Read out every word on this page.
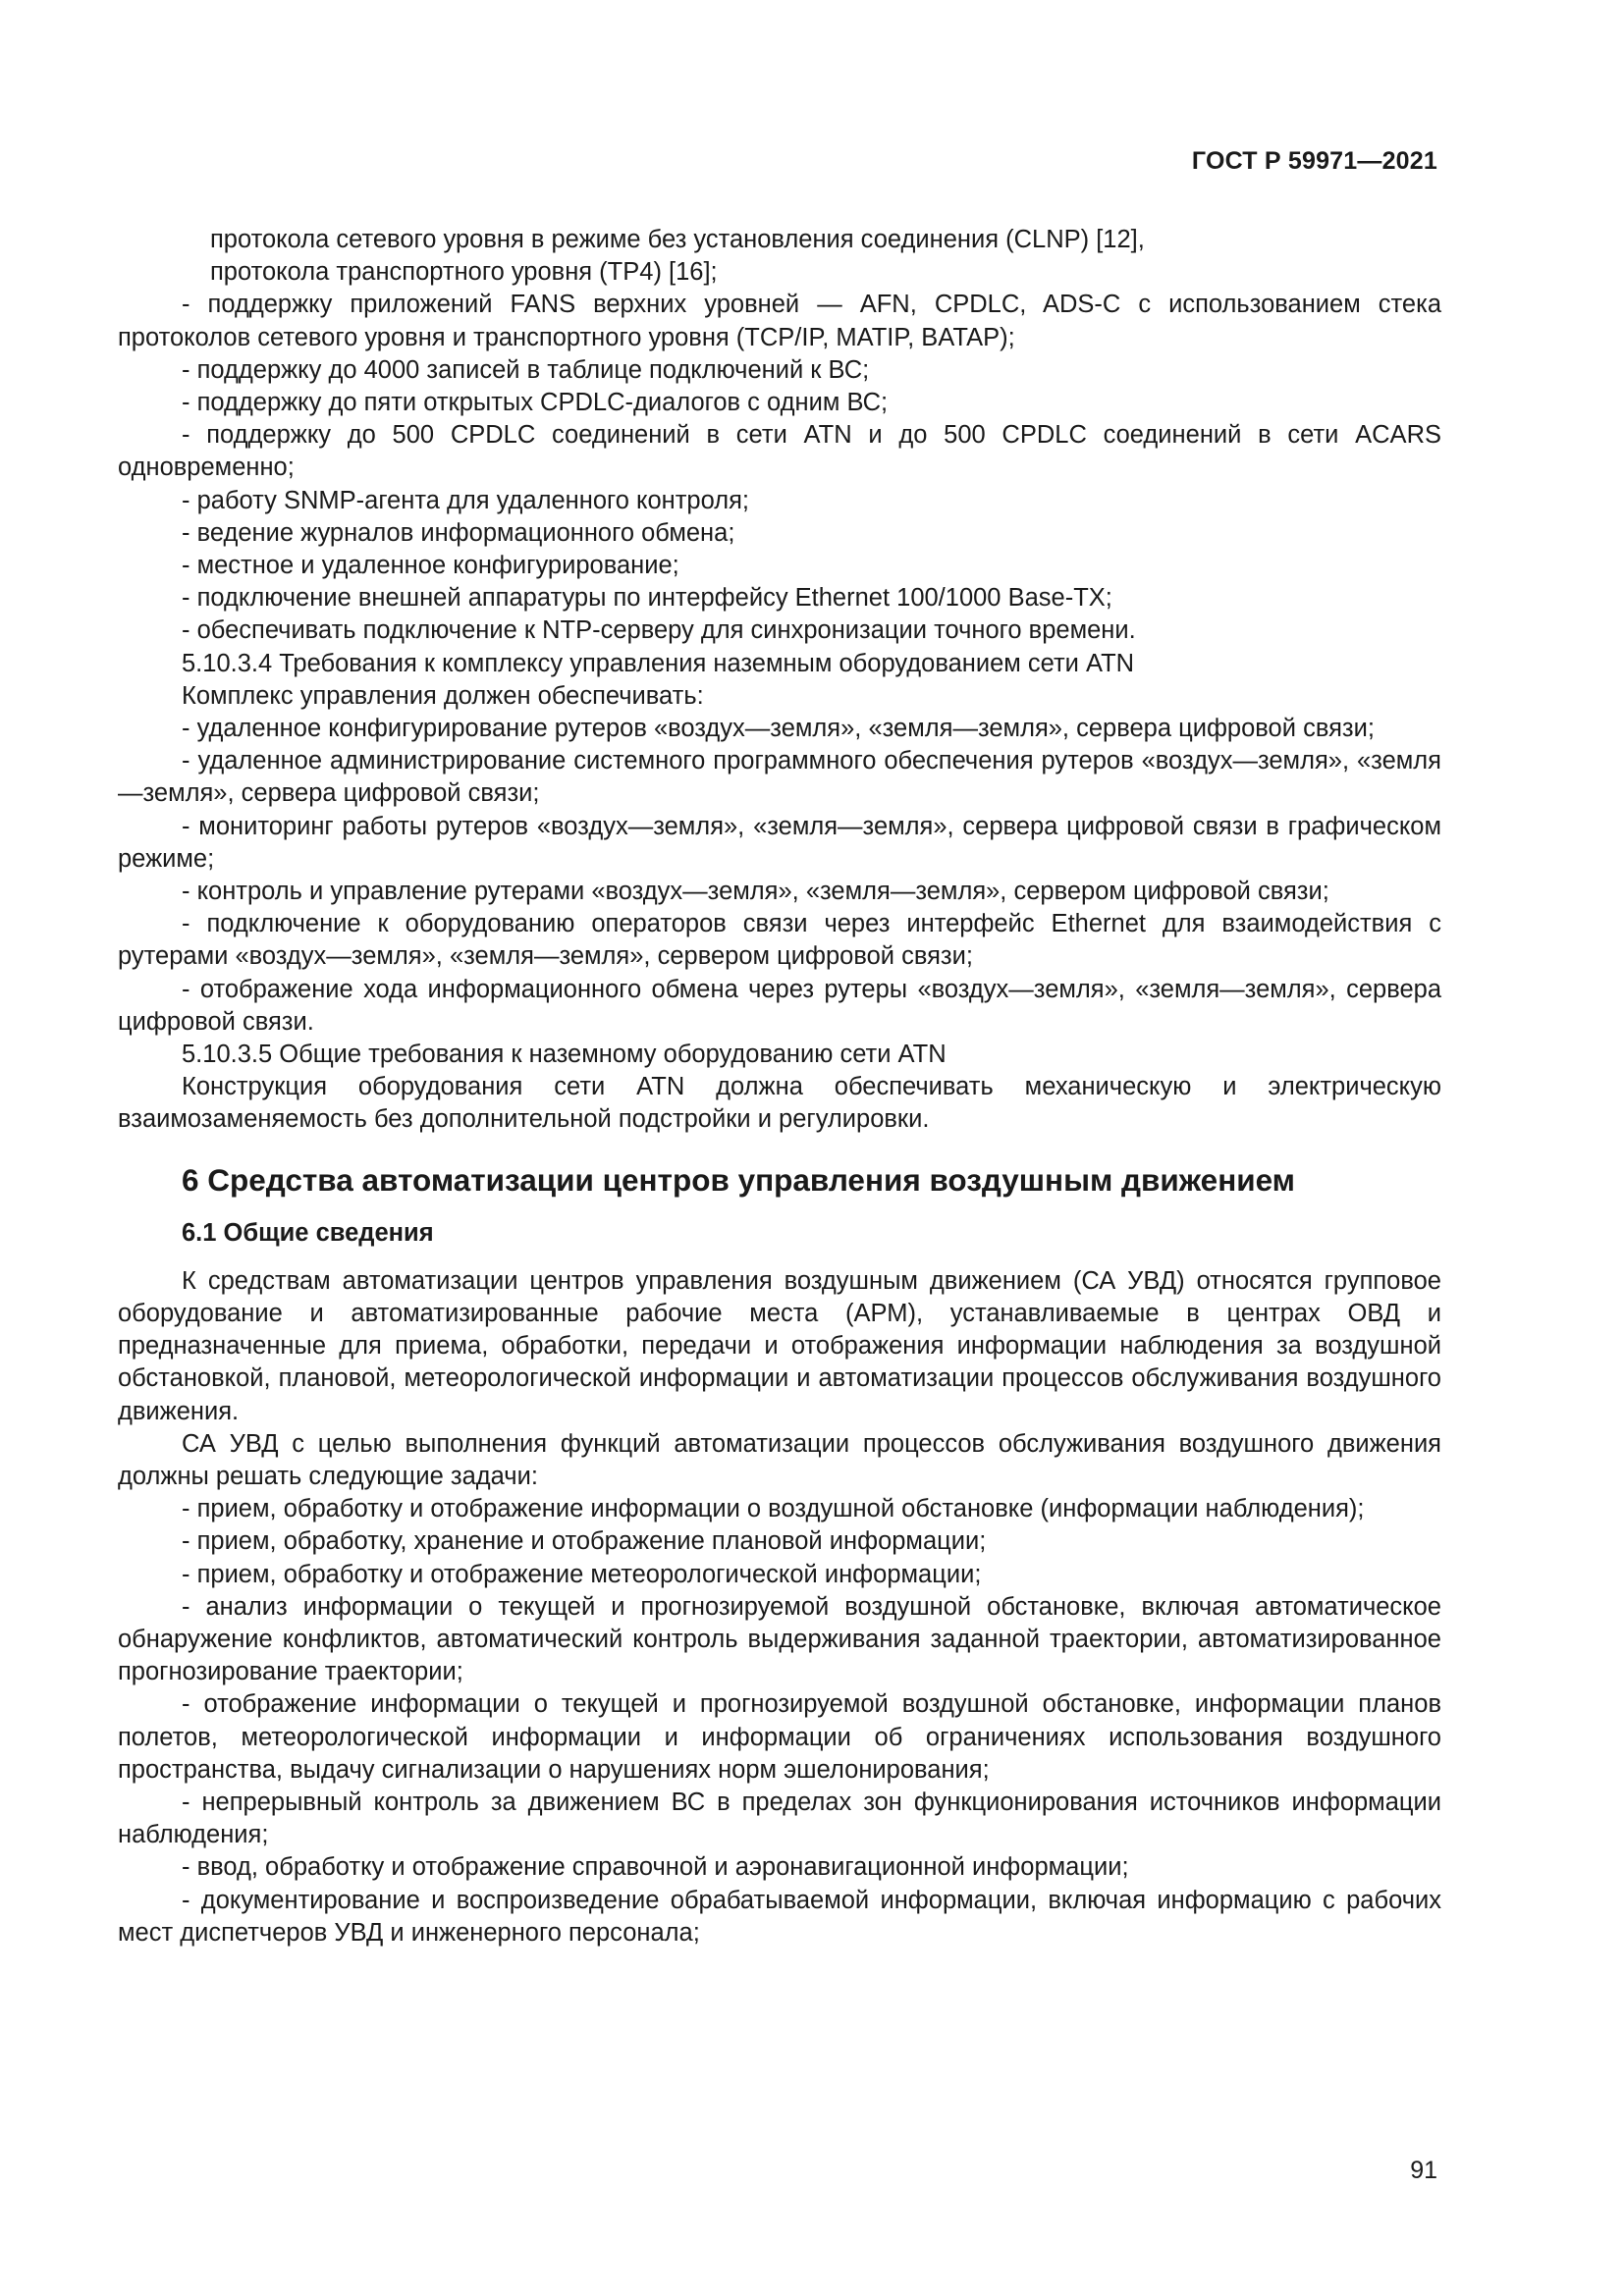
ГОСТ Р 59971—2021

протокола сетевого уровня в режиме без установления соединения (CLNP) [12],

протокола транспортного уровня (TP4) [16];

- поддержку приложений FANS верхних уровней — AFN, CPDLC, ADS-C с использованием стека протоколов сетевого уровня и транспортного уровня (TCP/IP, MATIP, BATAP);

- поддержку до 4000 записей в таблице подключений к ВС;

- поддержку до пяти открытых CPDLC-диалогов с одним ВС;

- поддержку до 500 CPDLC соединений в сети ATN и до 500 CPDLC соединений в сети ACARS одновременно;

- работу SNMP-агента для удаленного контроля;

- ведение журналов информационного обмена;

- местное и удаленное конфигурирование;

- подключение внешней аппаратуры по интерфейсу Ethernet 100/1000 Base-TX;

- обеспечивать подключение к NTP-серверу для синхронизации точного времени.

5.10.3.4 Требования к комплексу управления наземным оборудованием сети ATN

Комплекс управления должен обеспечивать:

- удаленное конфигурирование рутеров «воздух—земля», «земля—земля», сервера цифровой связи;

- удаленное администрирование системного программного обеспечения рутеров «воздух—земля», «земля—земля», сервера цифровой связи;

- мониторинг работы рутеров «воздух—земля», «земля—земля», сервера цифровой связи в графическом режиме;

- контроль и управление рутерами «воздух—земля», «земля—земля», сервером цифровой связи;

- подключение к оборудованию операторов связи через интерфейс Ethernet для взаимодействия с рутерами «воздух—земля», «земля—земля», сервером цифровой связи;

- отображение хода информационного обмена через рутеры «воздух—земля», «земля—земля», сервера цифровой связи.

5.10.3.5 Общие требования к наземному оборудованию сети ATN

Конструкция оборудования сети ATN должна обеспечивать механическую и электрическую взаимозаменяемость без дополнительной подстройки и регулировки.

6 Средства автоматизации центров управления воздушным движением
6.1 Общие сведения

К средствам автоматизации центров управления воздушным движением (СА УВД) относятся групповое оборудование и автоматизированные рабочие места (АРМ), устанавливаемые в центрах ОВД и предназначенные для приема, обработки, передачи и отображения информации наблюдения за воздушной обстановкой, плановой, метеорологической информации и автоматизации процессов обслуживания воздушного движения.

СА УВД с целью выполнения функций автоматизации процессов обслуживания воздушного движения должны решать следующие задачи:

- прием, обработку и отображение информации о воздушной обстановке (информации наблюдения);

- прием, обработку, хранение и отображение плановой информации;

- прием, обработку и отображение метеорологической информации;

- анализ информации о текущей и прогнозируемой воздушной обстановке, включая автоматическое обнаружение конфликтов, автоматический контроль выдерживания заданной траектории, автоматизированное прогнозирование траектории;

- отображение информации о текущей и прогнозируемой воздушной обстановке, информации планов полетов, метеорологической информации и информации об ограничениях использования воздушного пространства, выдачу сигнализации о нарушениях норм эшелонирования;

- непрерывный контроль за движением ВС в пределах зон функционирования источников информации наблюдения;

- ввод, обработку и отображение справочной и аэронавигационной информации;

- документирование и воспроизведение обрабатываемой информации, включая информацию с рабочих мест диспетчеров УВД и инженерного персонала;

91
